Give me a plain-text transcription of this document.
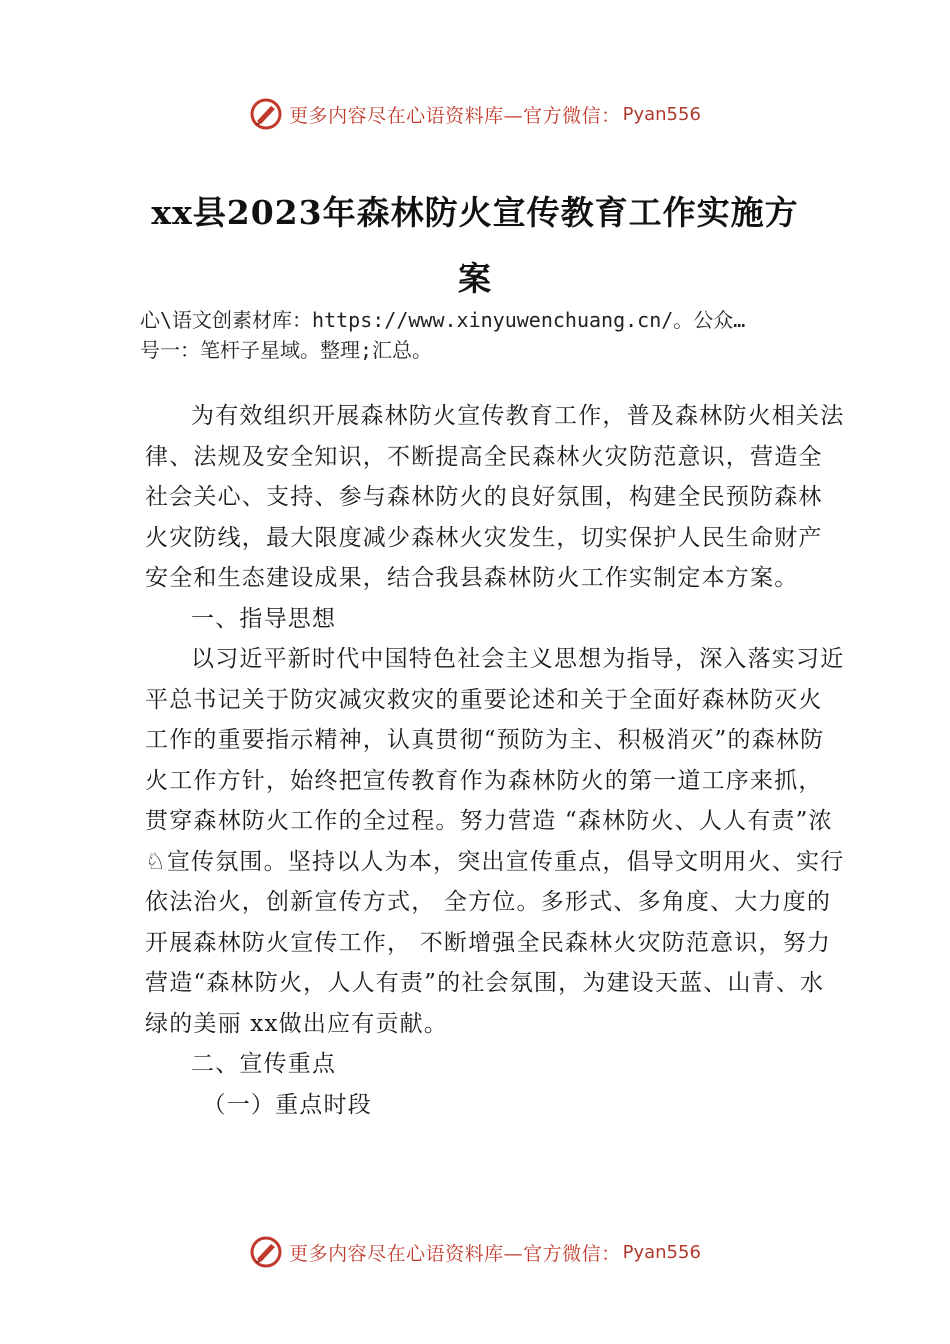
更多内容尽在心语资料库—官方微信： Pyan556
xx县2023年森林防火宣传教育工作实施方
案
心\语文创素材库：https://www.xinyuwenchuang.cn/。公众…
号一：笔杆子星域。整理;汇总。

为有效组织开展森林防火宣传教育工作，普及森林防火相关法律、法规及安全知识，不断提高全民森林火灾防范意识，营造全社会关心、支持、参与森林防火的良好氛围，构建全民预防森林火灾防线，最大限度减少森林火灾发生，切实保护人民生命财产安全和生态建设成果，结合我县森林防火工作实制定本方案。

一、指导思想

以习近平新时代中国特色社会主义思想为指导，深入落实习近平总书记关于防灾减灾救灾的重要论述和关于全面好森林防灭火工作的重要指示精神，认真贯彻“预防为主、积极消灭”的森林防火工作方针，始终把宣传教育作为森林防火的第一道工序来抓，贯穿森林防火工作的全过程。努力营造 “森林防火、人人有责”浓♘宣传氛围。坚持以人为本，突出宣传重点，倡导文明用火、实行依法治火，创新宣传方式， 全方位。多形式、多角度、大力度的开展森林防火宣传工作， 不断增强全民森林火灾防范意识，努力营造“森林防火，人人有责”的社会氛围，为建设天蓝、山青、水绿的美丽 xx做出应有贡献。

二、宣传重点

（一）重点时段

更多内容尽在心语资料库—官方微信： Pyan556
